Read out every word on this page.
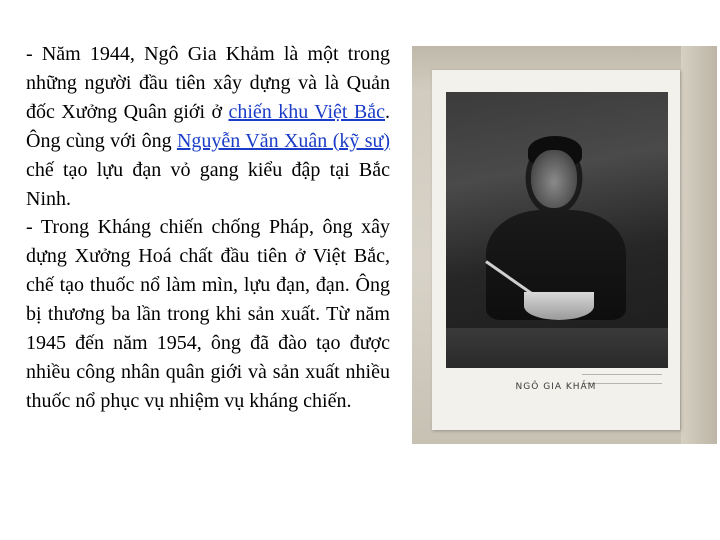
- Năm 1944, Ngô Gia Khảm là một trong những người đầu tiên xây dựng và là Quản đốc Xưởng Quân giới ở chiến khu Việt Bắc. Ông cùng với ông Nguyễn Văn Xuân (kỹ sư) chế tạo lựu đạn vỏ gang kiểu đập tại Bắc Ninh.

- Trong Kháng chiến chống Pháp, ông xây dựng Xưởng Hoá chất đầu tiên ở Việt Bắc, chế tạo thuốc nổ làm mìn, lựu đạn, đạn. Ông bị thương ba lần trong khi sản xuất. Từ năm 1945 đến năm 1954, ông đã đào tạo được nhiều công nhân quân giới và sản xuất nhiều thuốc nổ phục vụ nhiệm vụ kháng chiến.

NGÔ GIA KHẢM
